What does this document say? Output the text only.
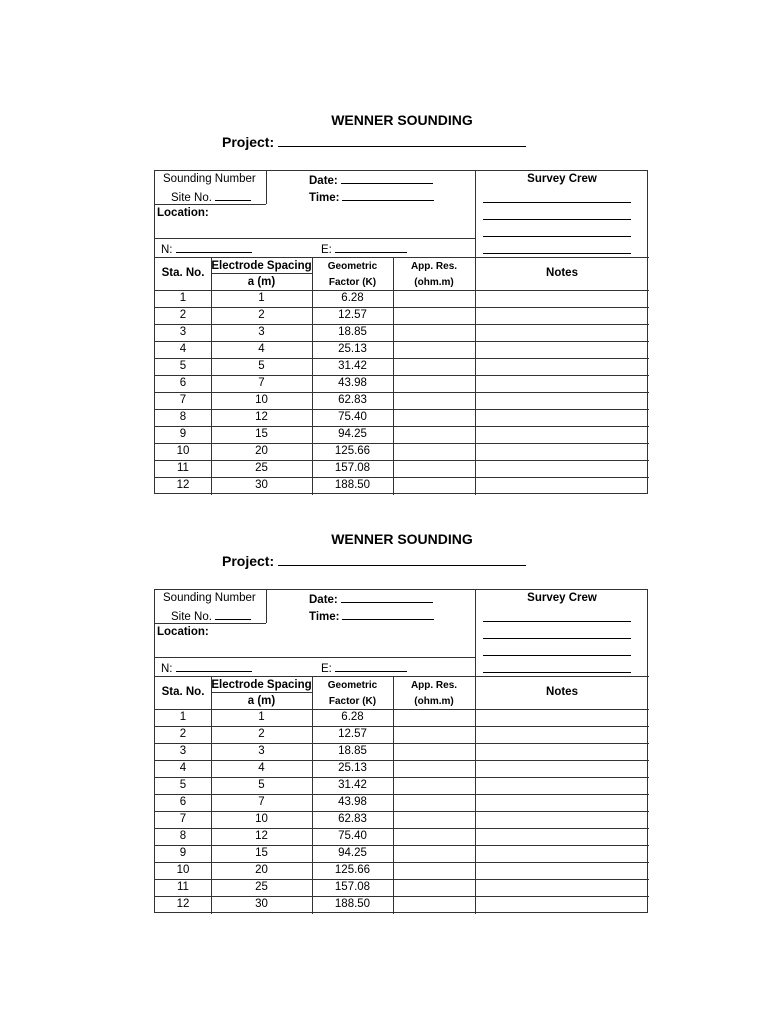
WENNER SOUNDING
Project:
Sounding Number
Site No.
Date:
Time:
Survey Crew
Location:
N:	E:
Sta. No.
Electrode Spacing
a (m)
Geometric
Factor (K)
App. Res.
(ohm.m)
Notes
1	1	6.28
2	2	12.57
3	3	18.85
4	4	25.13
5	5	31.42
6	7	43.98
7	10	62.83
8	12	75.40
9	15	94.25
10	20	125.66
11	25	157.08
12	30	188.50
WENNER SOUNDING
Project:
Sounding Number
Site No.
Date:
Time:
Survey Crew
Location:
N:	E:
Sta. No.
Electrode Spacing
a (m)
Geometric
Factor (K)
App. Res.
(ohm.m)
Notes
1	1	6.28
2	2	12.57
3	3	18.85
4	4	25.13
5	5	31.42
6	7	43.98
7	10	62.83
8	12	75.40
9	15	94.25
10	20	125.66
11	25	157.08
12	30	188.50
